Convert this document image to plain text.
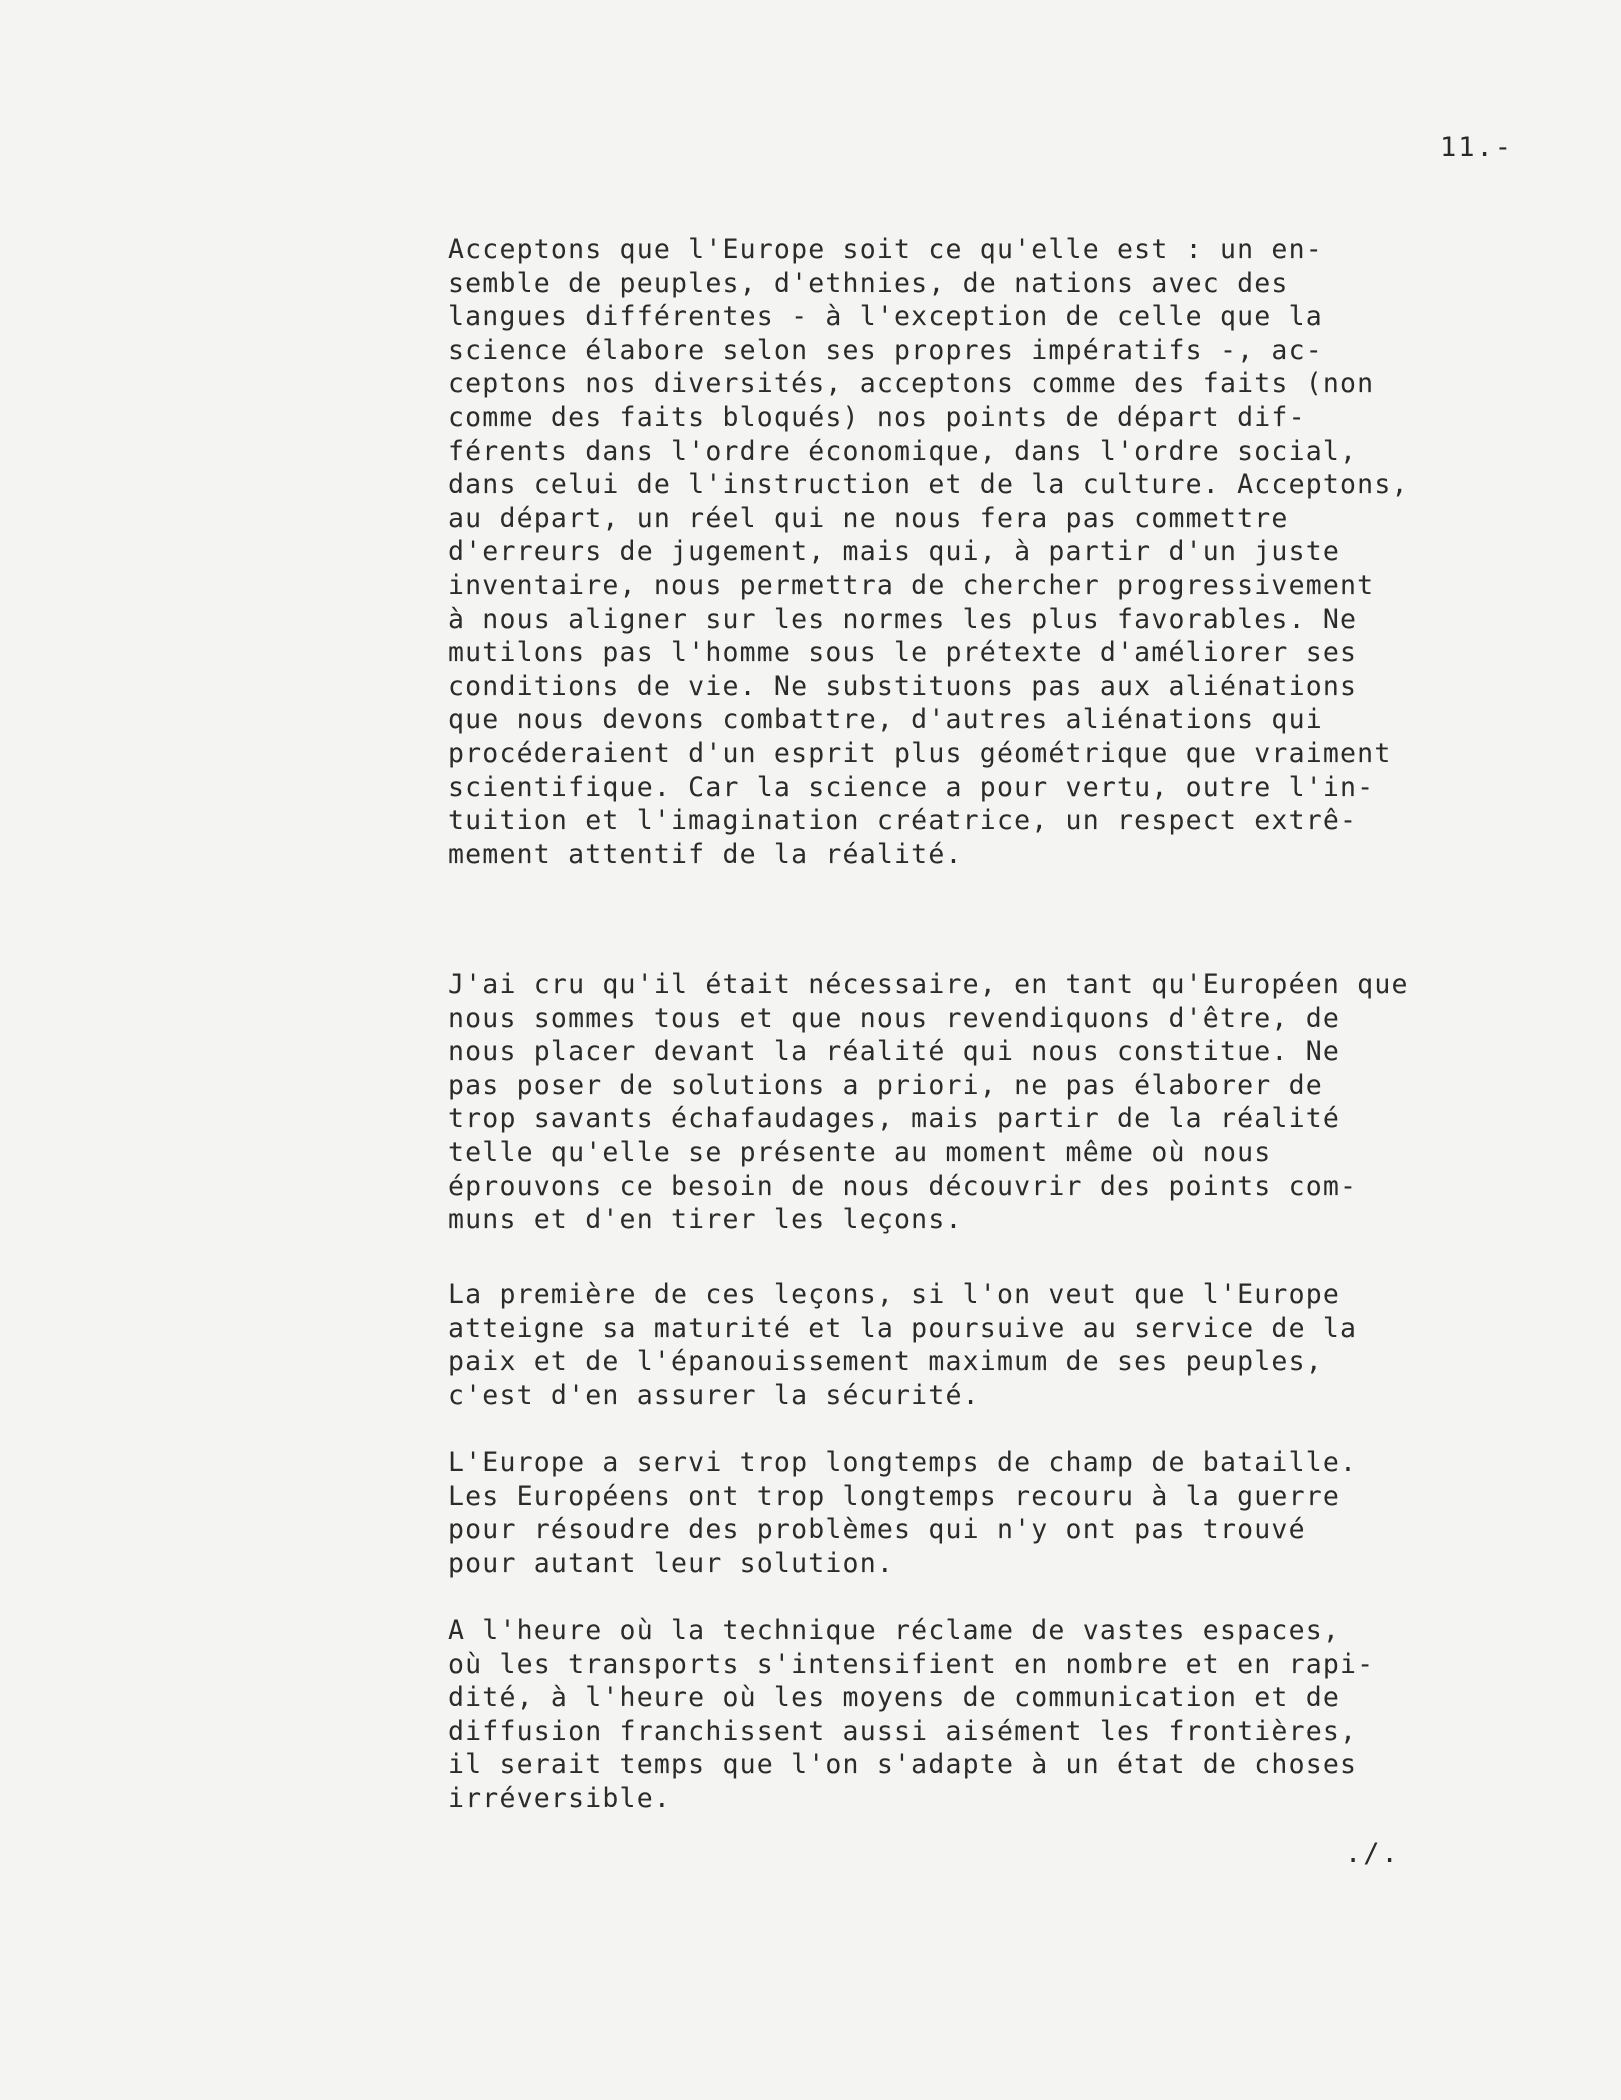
11.-

Acceptons que l'Europe soit ce qu'elle est : un en-
semble de peuples, d'ethnies, de nations avec des
langues différentes - à l'exception de celle que la
science élabore selon ses propres impératifs -, ac-
ceptons nos diversités, acceptons comme des faits (non
comme des faits bloqués) nos points de départ dif-
férents dans l'ordre économique, dans l'ordre social,
dans celui de l'instruction et de la culture. Acceptons,
au départ, un réel qui ne nous fera pas commettre
d'erreurs de jugement, mais qui, à partir d'un juste
inventaire, nous permettra de chercher progressivement
à nous aligner sur les normes les plus favorables. Ne
mutilons pas l'homme sous le prétexte d'améliorer ses
conditions de vie. Ne substituons pas aux aliénations
que nous devons combattre, d'autres aliénations qui
procéderaient d'un esprit plus géométrique que vraiment
scientifique. Car la science a pour vertu, outre l'in-
tuition et l'imagination créatrice, un respect extrê-
mement attentif de la réalité.

J'ai cru qu'il était nécessaire, en tant qu'Européen que
nous sommes tous et que nous revendiquons d'être, de
nous placer devant la réalité qui nous constitue. Ne
pas poser de solutions a priori, ne pas élaborer de
trop savants échafaudages, mais partir de la réalité
telle qu'elle se présente au moment même où nous
éprouvons ce besoin de nous découvrir des points com-
muns et d'en tirer les leçons.

La première de ces leçons, si l'on veut que l'Europe
atteigne sa maturité et la poursuive au service de la
paix et de l'épanouissement maximum de ses peuples,
c'est d'en assurer la sécurité.

L'Europe a servi trop longtemps de champ de bataille.
Les Européens ont trop longtemps recouru à la guerre
pour résoudre des problèmes qui n'y ont pas trouvé
pour autant leur solution.

A l'heure où la technique réclame de vastes espaces,
où les transports s'intensifient en nombre et en rapi-
dité, à l'heure où les moyens de communication et de
diffusion franchissent aussi aisément les frontières,
il serait temps que l'on s'adapte à un état de choses
irréversible.

./.
